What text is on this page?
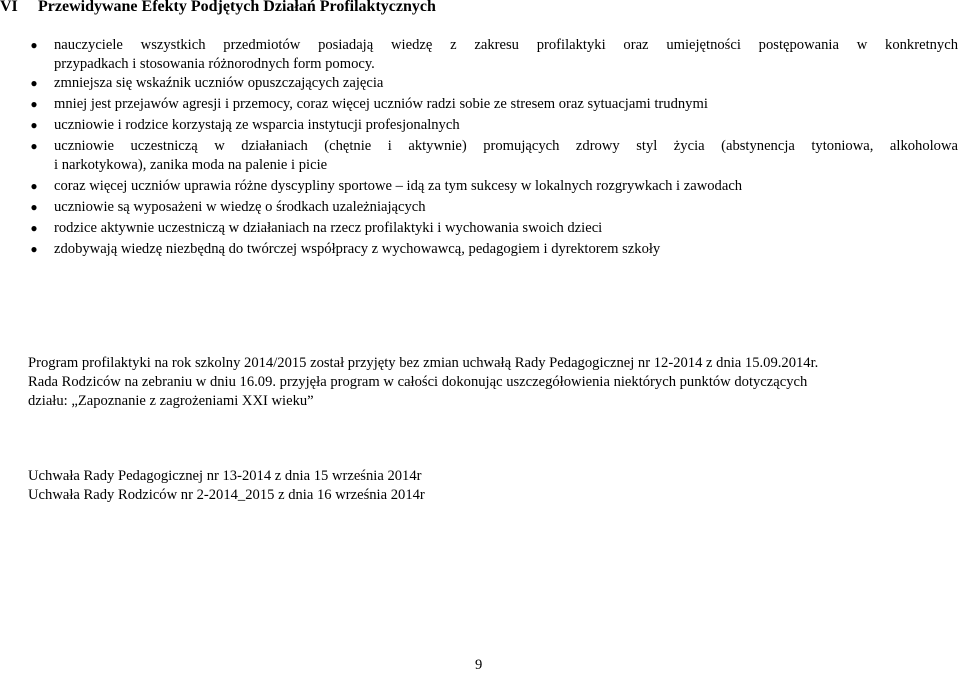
VI Przewidywane Efekty Podjętych Działań Profilaktycznych
● nauczyciele wszystkich przedmiotów posiadają wiedzę z zakresu profilaktyki oraz umiejętności postępowania w konkretnych
przypadkach i stosowania różnorodnych form pomocy.
● zmniejsza się wskaźnik uczniów opuszczających zajęcia
● mniej jest przejawów agresji i przemocy, coraz więcej uczniów radzi sobie ze stresem oraz sytuacjami trudnymi
● uczniowie i rodzice korzystają ze wsparcia instytucji profesjonalnych
● uczniowie uczestniczą w działaniach (chętnie i aktywnie) promujących zdrowy styl życia (abstynencja tytoniowa, alkoholowa
i narkotykowa), zanika moda na palenie i picie
● coraz więcej uczniów uprawia różne dyscypliny sportowe – idą za tym sukcesy w lokalnych rozgrywkach i zawodach
● uczniowie są wyposażeni w wiedzę o środkach uzależniających
● rodzice aktywnie uczestniczą w działaniach na rzecz profilaktyki i wychowania swoich dzieci
● zdobywają wiedzę niezbędną do twórczej współpracy z wychowawcą, pedagogiem i dyrektorem szkoły
Program profilaktyki na rok szkolny 2014/2015 został przyjęty bez zmian uchwałą Rady Pedagogicznej nr 12-2014 z dnia 15.09.2014r.
Rada Rodziców na zebraniu w dniu 16.09. przyjęła program w całości dokonując uszczegółowienia niektórych punktów dotyczących
działu: „Zapoznanie z zagrożeniami XXI wieku”
Uchwała Rady Pedagogicznej nr 13-2014 z dnia 15 września 2014r
Uchwała Rady Rodziców nr 2-2014_2015 z dnia 16 września 2014r
9
